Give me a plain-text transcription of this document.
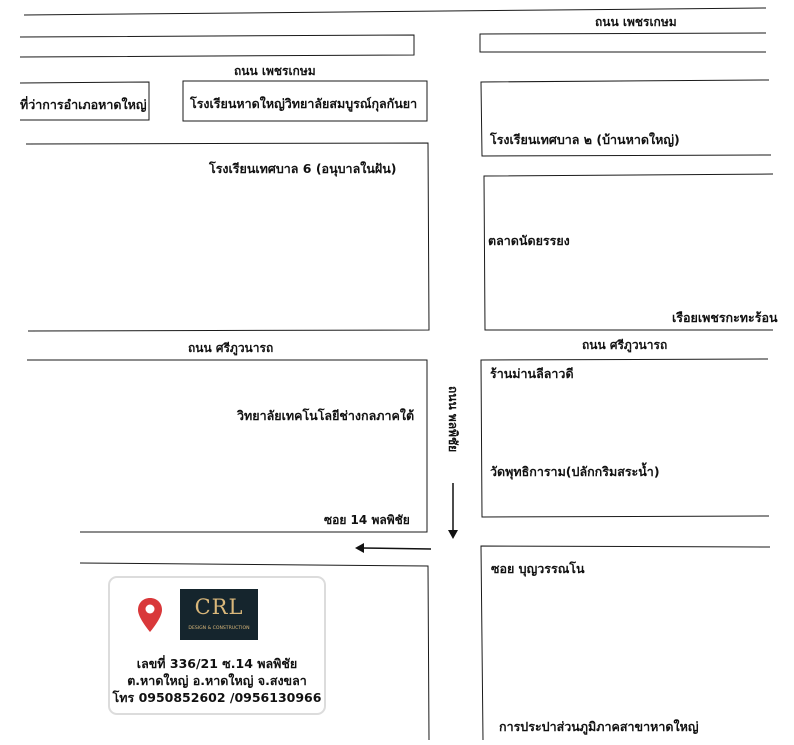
ถนน เพชรเกษม
ถนน เพชรเกษม
ถนน ศรีภูวนารถ	ถนน ศรีภูวนารถ
ถนน พลพิชัย
ซอย 14 พลพิชัย
ซอย บุญวรรณโน
ที่ว่าการอำเภอหาดใหญ่	โรงเรียนหาดใหญ่วิทยาลัยสมบูรณ์กุลกันยา
โรงเรียนเทศบาล ๒ (บ้านหาดใหญ่)
โรงเรียนเทศบาล 6 (อนุบาลในฝัน)
ตลาดนัดยรรยง
เรือยเพชรกะทะร้อน
วิทยาลัยเทคโนโลยีช่างกลภาคใต้
ร้านม่านลีลาวดี
วัดพุทธิการาม(ปลักกริมสระน้ำ)
การประปาส่วนภูมิภาคสาขาหาดใหญ่
CRL
DESIGN & CONSTRUCTION
เลขที่ 336/21 ซ.14 พลพิชัย
ต.หาดใหญ่ อ.หาดใหญ่ จ.สงขลา
โทร 0950852602 /0956130966
